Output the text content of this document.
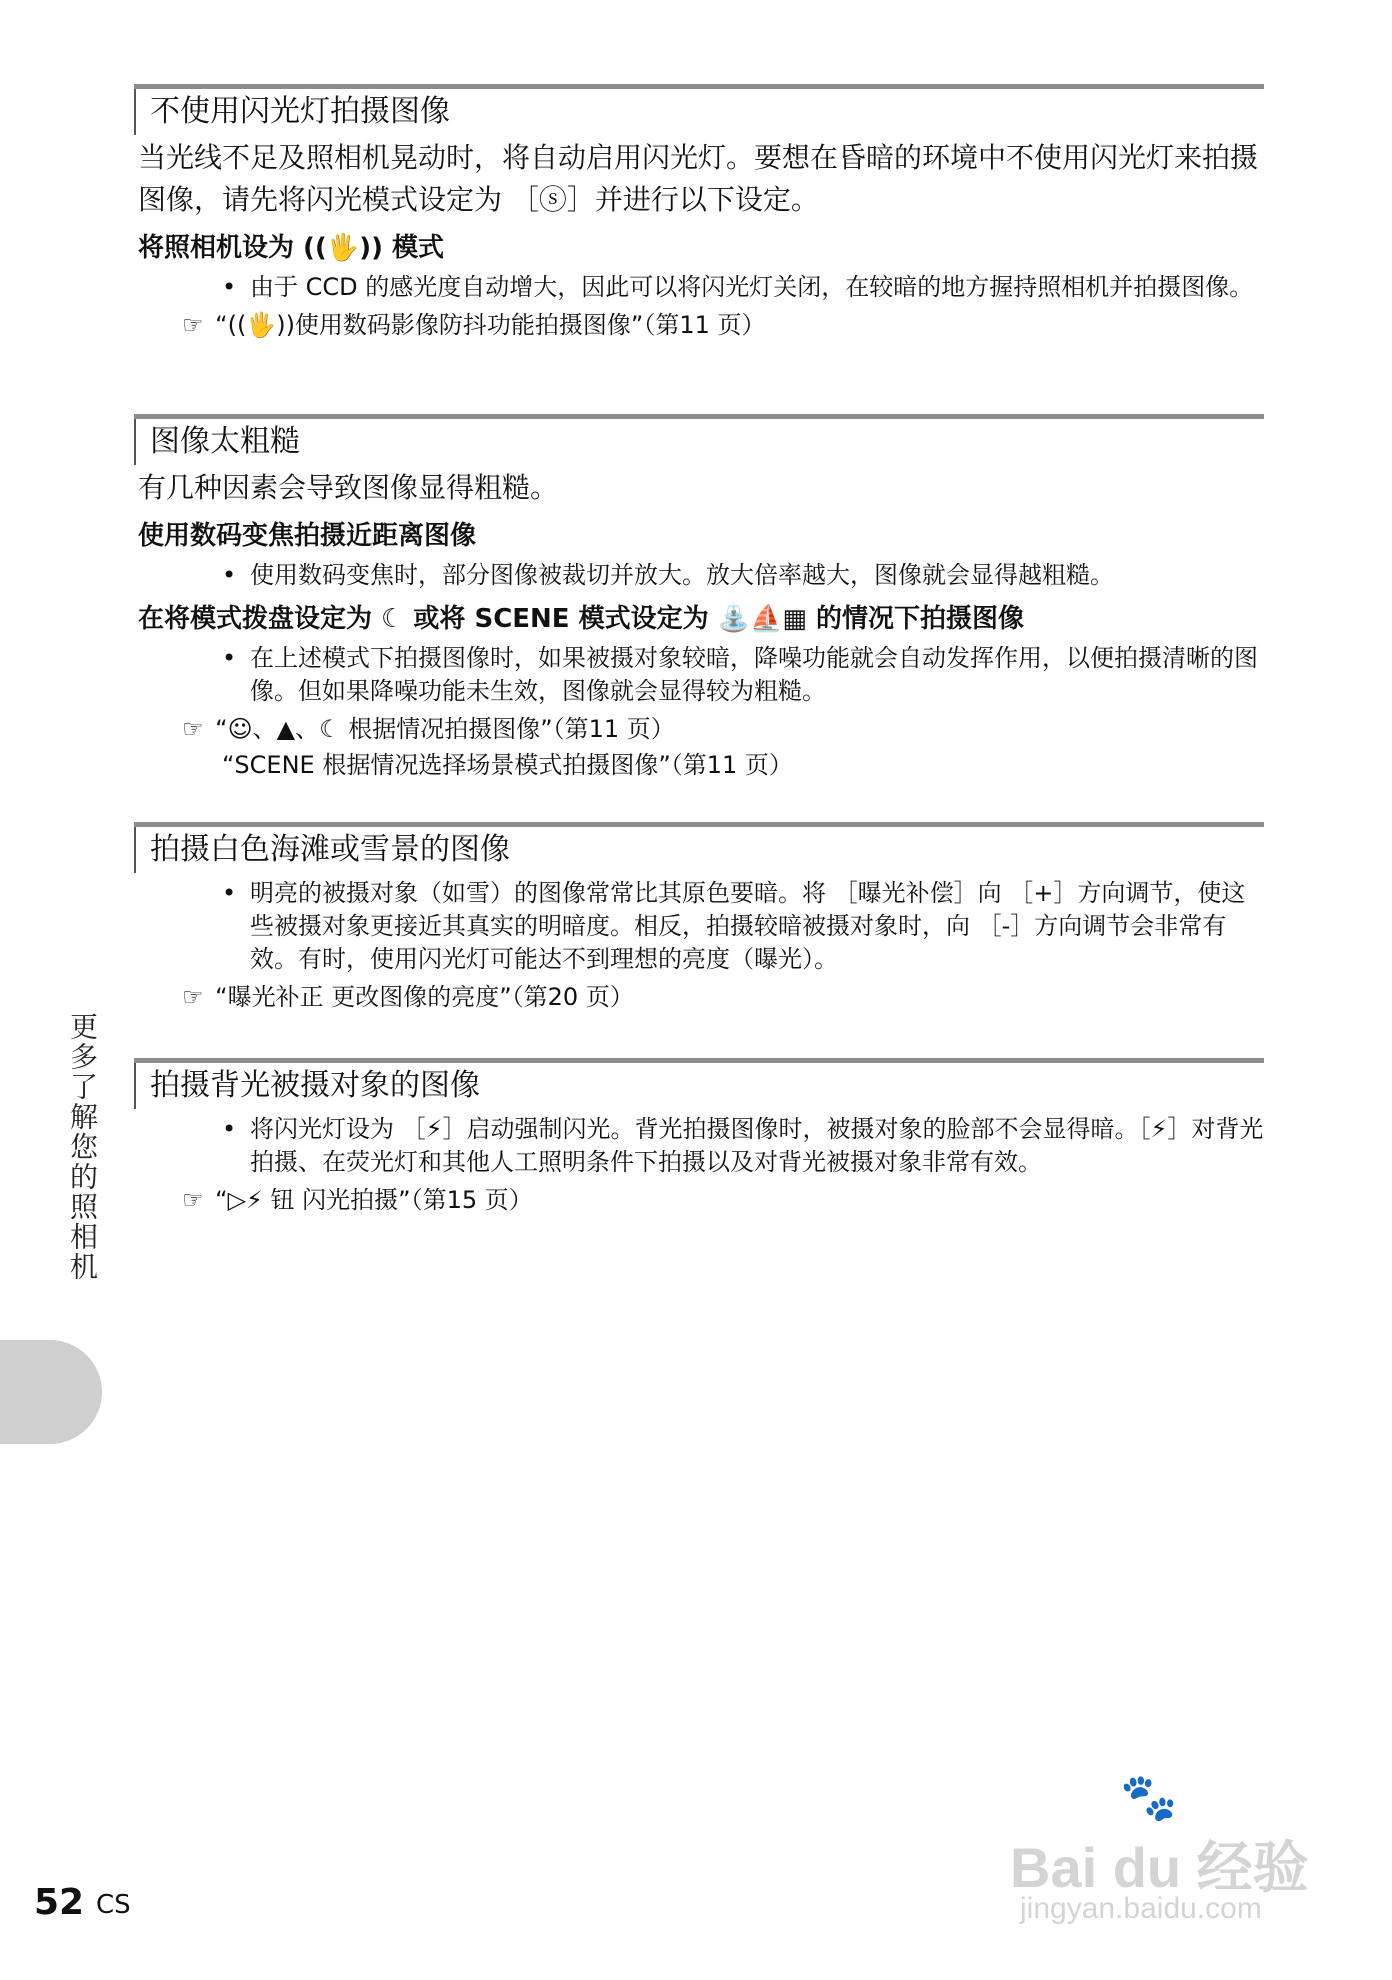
不使用闪光灯拍摄图像
当光线不足及照相机晃动时，将自动启用闪光灯。要想在昏暗的环境中不使用闪光灯来拍摄图像，请先将闪光模式设定为 ［ⓢ］并进行以下设定。
将照相机设为 ((🖐)) 模式
• 由于 CCD 的感光度自动增大，因此可以将闪光灯关闭，在较暗的地方握持照相机并拍摄图像。
☞ “((🖐))使用数码影像防抖功能拍摄图像”（第11 页）
图像太粗糙
有几种因素会导致图像显得粗糙。
使用数码变焦拍摄近距离图像
• 使用数码变焦时，部分图像被裁切并放大。放大倍率越大，图像就会显得越粗糙。
在将模式拨盘设定为 ☾ 或将 SCENE 模式设定为 ⛲⛵▦ 的情况下拍摄图像
• 在上述模式下拍摄图像时，如果被摄对象较暗，降噪功能就会自动发挥作用，以便拍摄清晰的图像。但如果降噪功能未生效，图像就会显得较为粗糙。
☞ “☺、▲、☾ 根据情况拍摄图像”（第11 页）
“SCENE 根据情况选择场景模式拍摄图像”（第11 页）
拍摄白色海滩或雪景的图像
• 明亮的被摄对象（如雪）的图像常常比其原色要暗。将 ［曝光补偿］向 ［+］方向调节，使这些被摄对象更接近其真实的明暗度。相反，拍摄较暗被摄对象时，向 ［-］方向调节会非常有效。有时，使用闪光灯可能达不到理想的亮度（曝光）。
☞ “曝光补正 更改图像的亮度”（第20 页）
拍摄背光被摄对象的图像
• 将闪光灯设为 ［⚡］启动强制闪光。背光拍摄图像时，被摄对象的脸部不会显得暗。［⚡］对背光拍摄、在荧光灯和其他人工照明条件下拍摄以及对背光被摄对象非常有效。
☞ “▷⚡ 钮 闪光拍摄”（第15 页）
更多了解您的照相机
52 CS
🐾
Bai du 经验
jingyan.baidu.com
